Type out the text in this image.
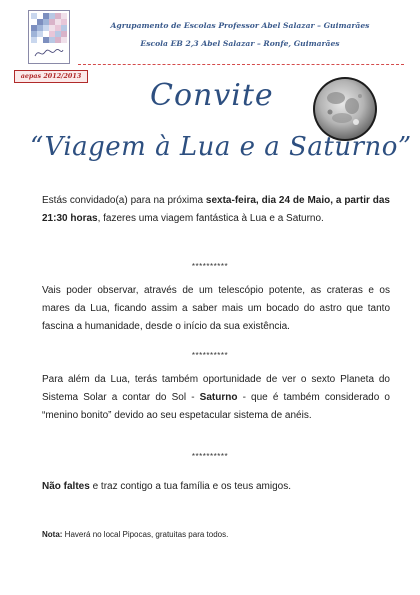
Agrupamento de Escolas Professor Abel Salazar – Guimarães
Escola EB 2,3 Abel Salazar – Ronfe, Guimarães
aepas 2012/2013
Convite
“Viagem à Lua e a Saturno”
Estás convidado(a) para na próxima sexta-feira, dia 24 de Maio, a partir das 21:30 horas, fazeres uma viagem fantástica à Lua e a Saturno.
**********
Vais poder observar, através de um telescópio potente, as crateras e os mares da Lua, ficando assim a saber mais um bocado do astro que tanto fascina a humanidade, desde o início da sua existência.
**********
Para além da Lua, terás também oportunidade de ver o sexto Planeta do Sistema Solar a contar do Sol - Saturno - que é também considerado o “menino bonito” devido ao seu espetacular sistema de anéis.
**********
Não faltes e traz contigo a tua família e os teus amigos.
Nota: Haverá no local Pipocas, gratuitas para todos.
